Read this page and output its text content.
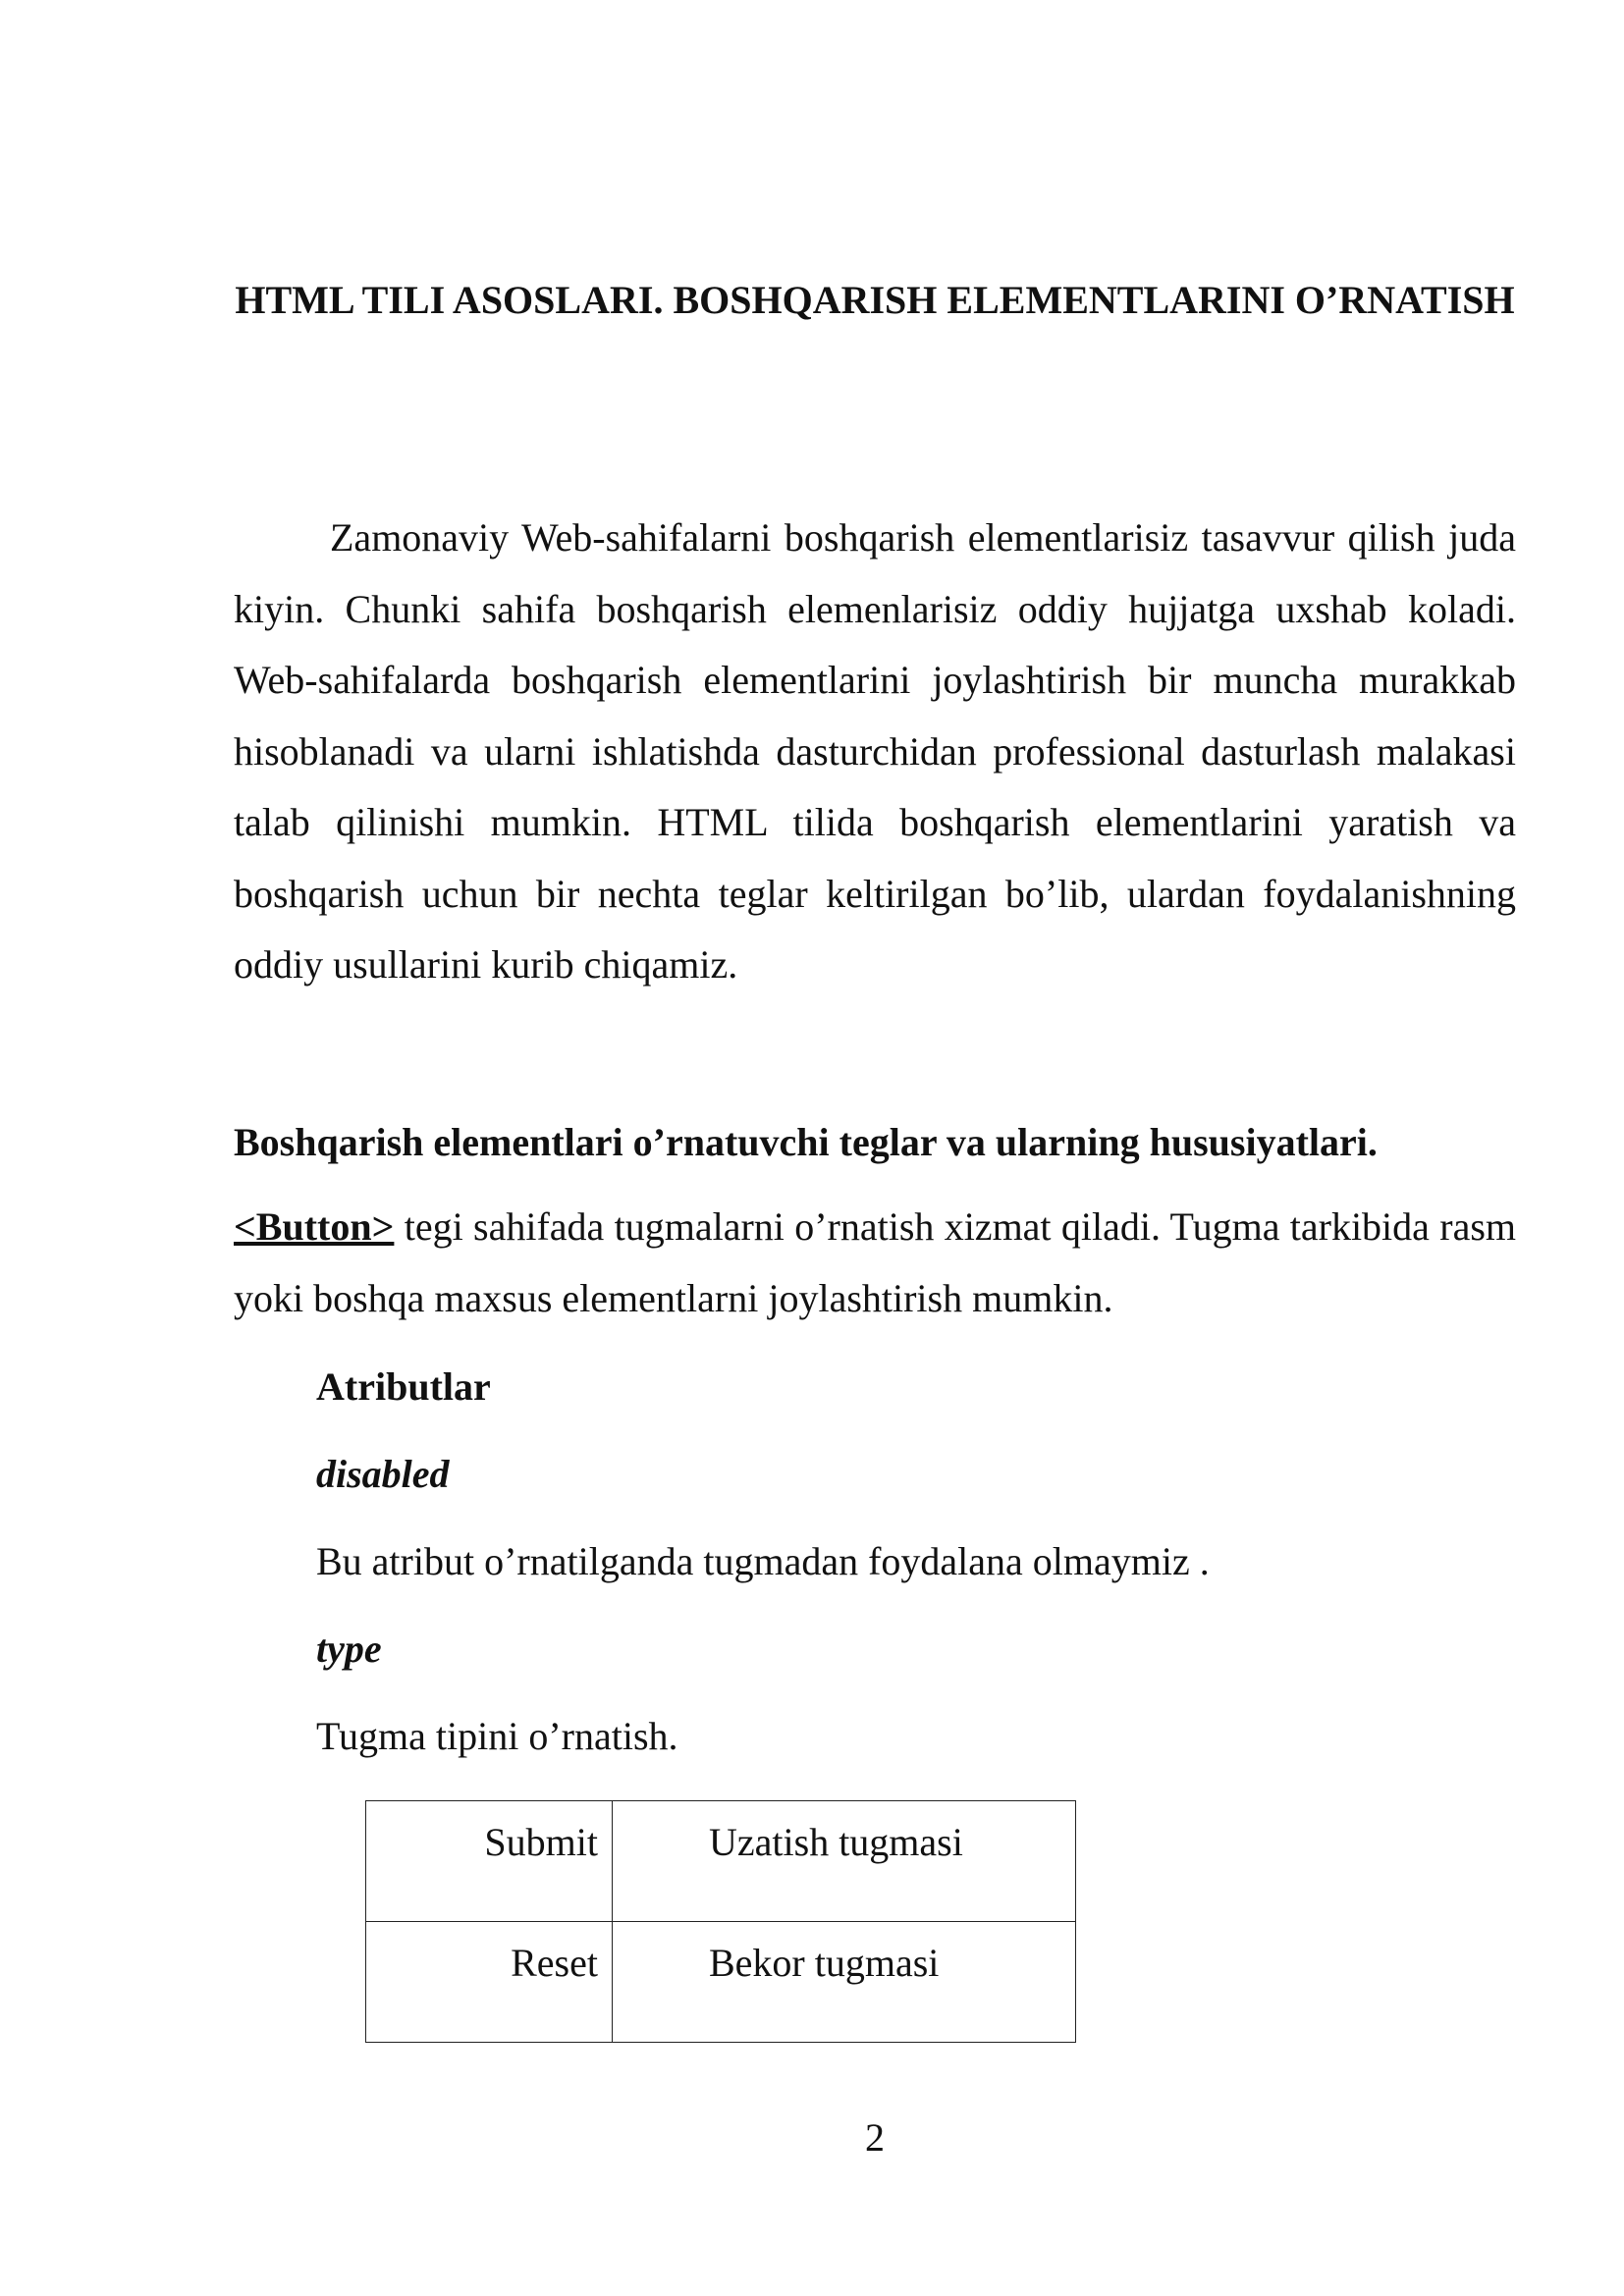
HTML TILI ASOSLARI. BOSHQARISH ELEMENTLARINI O’RNATISH

Zamonaviy Web-sahifalarni boshqarish elementlarisiz tasavvur qilish juda kiyin. Chunki sahifa boshqarish elemenlarisiz oddiy hujjatga uxshab koladi. Web-sahifalarda boshqarish elementlarini joylashtirish bir muncha murakkab hisoblanadi va ularni ishlatishda dasturchidan professional dasturlash malakasi talab qilinishi mumkin. HTML tilida boshqarish elementlarini yaratish va boshqarish uchun bir nechta teglar keltirilgan bo’lib, ulardan foydalanishning oddiy usullarini kurib chiqamiz.

Boshqarish elementlari o’rnatuvchi teglar va ularning hususiyatlari.

<Button> tegi sahifada tugmalarni o’rnatish xizmat qiladi. Tugma tarkibida rasm yoki boshqa maxsus elementlarni joylashtirish mumkin.

Atributlar

disabled

Bu atribut o’rnatilganda tugmadan foydalana olmaymiz .

type

Tugma tipini o’rnatish.

Submit	Uzatish tugmasi
Reset	Bekor tugmasi

2
